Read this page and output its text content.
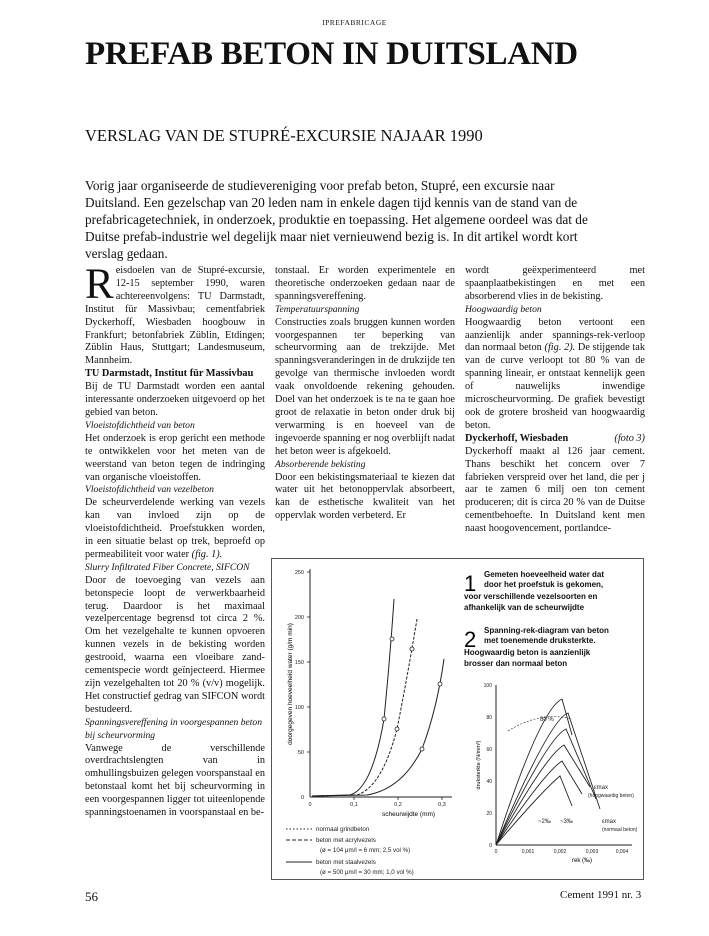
IPREFABRICAGE
PREFAB BETON IN DUITSLAND
VERSLAG VAN DE STUPRÉ-EXCURSIE NAJAAR 1990

Vorig jaar organiseerde de studievereniging voor prefab beton, Stupré, een excursie naar Duitsland. Een gezelschap van 20 leden nam in enkele dagen tijd kennis van de stand van de prefabricagetechniek, in onderzoek, produktie en toepassing. Het algemene oordeel was dat de Duitse prefab-industrie wel degelijk maar niet vernieuwend bezig is. In dit artikel wordt kort verslag gedaan.

Reisdoelen van de Stupré-excursie, 12-15 september 1990, waren achtereenvolgens: TU Darmstadt, Institut für Massivbau; cementfabriek Dyckerhoff, Wiesbaden hoogbouw in Frankfurt; betonfabriek Züblin, Etdingen; Züblin Haus, Stuttgart; Landesmuseum, Mannheim.

TU Darmstadt, Institut für Massivbau

Bij de TU Darmstadt worden een aantal interessante onderzoeken uitgevoerd op het gebied van beton.

Vloeistofdichtheid van beton

Het onderzoek is erop gericht een methode te ontwikkelen voor het meten van de weerstand van beton tegen de indringing van organische vloeistoffen.

Vloeistofdichtheid van vezelbeton

De scheurverdelende werking van vezels kan van invloed zijn op de vloeistofdichtheid. Proefstukken worden, in een situatie belast op trek, beproefd op permeabiliteit voor water (fig. 1).

Slurry Infiltrated Fiber Concrete, SIFCON

Door de toevoeging van vezels aan betonspecie loopt de verwerkbaarheid terug. Daardoor is het maximaal vezelpercentage begrensd tot circa 2 %. Om het vezelgehalte te kunnen opvoeren kunnen vezels in de bekisting worden gestrooid, waarna een vloeibare zand-cementspecie wordt geïnjecteerd. Hiermee zijn vezelgehalten tot 20 % (v/v) mogelijk. Het constructief gedrag van SIFCON wordt bestudeerd.

Spanningsvereffening in voorgespannen beton bij scheurvorming

Vanwege de verschillende overdrachtslengten van in omhullingsbuizen gelegen voorspanstaal en betonstaal komt het bij scheurvorming in een voorgespannen ligger tot uiteenlopende spanningstoenamen in voorspanstaal en be-

tonstaal. Er worden experimentele en theoretische onderzoeken gedaan naar de spanningsvereffening.

Temperatuurspanning

Constructies zoals bruggen kunnen worden voorgespannen ter beperking van scheurvorming aan de trekzijde. Met spanningsveranderingen in de drukzijde ten gevolge van thermische invloeden wordt vaak onvoldoende rekening gehouden. Doel van het onderzoek is te na te gaan hoe groot de relaxatie in beton onder druk bij verwarming is en hoeveel van de ingevoerde spanning er nog overblijft nadat het beton weer is afgekoeld.

Absorberende bekisting

Door een bekistingsmateriaal te kiezen dat water uit het betonoppervlak absorbeert, kan de esthetische kwaliteit van het oppervlak worden verbeterd. Er

wordt geëxperimenteerd met spaanplaatbekistingen en met een absorberend vlies in de bekisting.

Hoogwaardig beton

Hoogwaardig beton vertoont een aanzienlijk ander spannings-rek-verloop dan normaal beton (fig. 2). De stijgende tak van de curve verloopt tot 80 % van de spanning lineair, er ontstaat kennelijk geen of nauwelijks inwendige microscheurvorming. De grafiek bevestigt ook de grotere brosheid van hoogwaardig beton.

Dyckerhoff, Wiesbaden	(foto 3)

Dyckerhoff maakt al 126 jaar cement. Thans beschikt het concern over 7 fabrieken verspreid over het land, die per j aar te zamen 6 milj oen ton cement produceren; dit is circa 20 % van de Duitse cementbehoefte. In Duitsland kent men naast hoogovencement, portlandce-

0
50
100
150
200
250
0	0,1	0,2	0,3
doorgegeven hoeveelheid water (g/m min)
scheurwijdte (mm)
normaal grindbeton
beton met acrylvezels
(ø = 104 μm/l = 6 mm; 2,5 vol %)
beton met staalvezels
(ø = 500 μm/l = 30 mm; 1,0 vol %)
1 Gemeten hoeveelheid water dat
door het proefstuk is gekomen,
voor verschillende vezelsoorten en
afhankelijk van de scheurwijdte
2 Spanning-rek-diagram van beton
met toenemende druksterkte.
Hoogwaardig beton is aanzienlijk
brosser dan normaal beton
0
20
40
60
80
100
0	0,001	0,002	0,003	0,004
druksterkte (N/mm²)
rek (‰)
80 %
εmax
(hoogwaardig beton)
~2‰ ~3‰	εmax
(normaal beton)
56	Cement 1991 nr. 3
